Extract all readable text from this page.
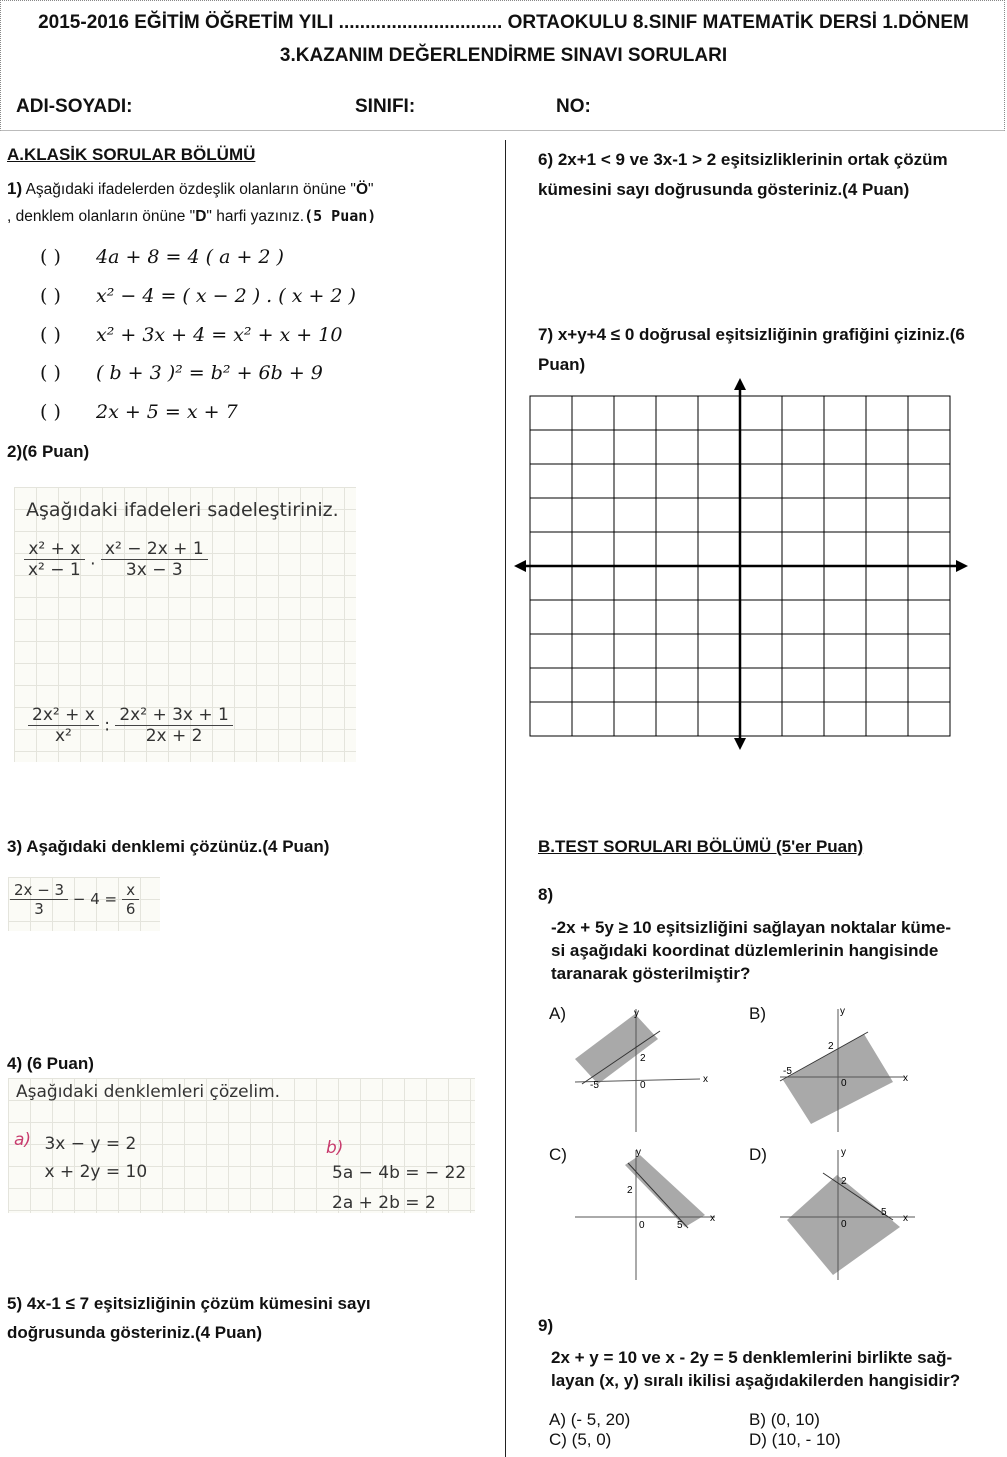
2015-2016 EĞİTİM ÖĞRETİM YILI ............................... ORTAOKULU 8.SINIF MATEMATİK DERSİ 1.DÖNEM
3.KAZANIM DEĞERLENDİRME SINAVI SORULARI
ADI-SOYADI:	SINIFI:	NO:
A.KLASİK SORULAR BÖLÜMÜ
1) Aşağıdaki ifadelerden özdeşlik olanların önüne "Ö"
, denklem olanların önüne "D" harfi yazınız.(5 Puan)
( ) 4a + 8 = 4 ( a + 2 )
( ) x² − 4 = ( x − 2 ) . ( x + 2 )
( ) x² + 3x + 4 = x² + x + 10
( ) ( b + 3 )² = b² + 6b + 9
( ) 2x + 5 = x + 7
2)(6 Puan)
Aşağıdaki ifadeleri sadeleştiriniz.
$\frac{\text{x² + x}}{\text{x² − 1}}$ . $\frac{\text{x² − 2x + 1}}{3x - 3}$
$\frac{\text{2x² + x}}{\text{x²}}$ : $\frac{\text{2x² + 3x + 1}}{2x + 2}$
3) Aşağıdaki denklemi çözünüz.(4 Puan)
$\frac{2x - 3}{3} - 4 = \frac{x}{6}$
4) (6 Puan)
Aşağıdaki denklemleri çözelim.
a) 3x − y = 2
x + 2y = 10
b)
5a − 4b = − 22
2a + 2b = 2
5) 4x-1 ≤ 7 eşitsizliğinin çözüm kümesini sayı
doğrusunda gösteriniz.(4 Puan)
6) 2x+1 < 9 ve 3x-1 > 2 eşitsizliklerinin ortak çözüm
kümesini sayı doğrusunda gösteriniz.(4 Puan)
7) x+y+4 ≤ 0 doğrusal eşitsizliğinin grafiğini çiziniz.(6
Puan)
B.TEST SORULARI BÖLÜMÜ (5'er Puan)
8)
-2x + 5y ≥ 10 eşitsizliğini sağlayan noktalar küme-
si aşağıdaki koordinat düzlemlerinin hangisinde
taranarak gösterilmiştir?
A)
x
y
-5
2
0
B)
x
y
-5
2
0
C)
x
y
5
2
0
D)
x
y
5
2
0
9)
2x + y = 10 ve x - 2y = 5 denklemlerini birlikte sağ-
layan (x, y) sıralı ikilisi aşağıdakilerden hangisidir?
A) (- 5, 20)	B) (0, 10)
C) (5, 0)	D) (10, - 10)
